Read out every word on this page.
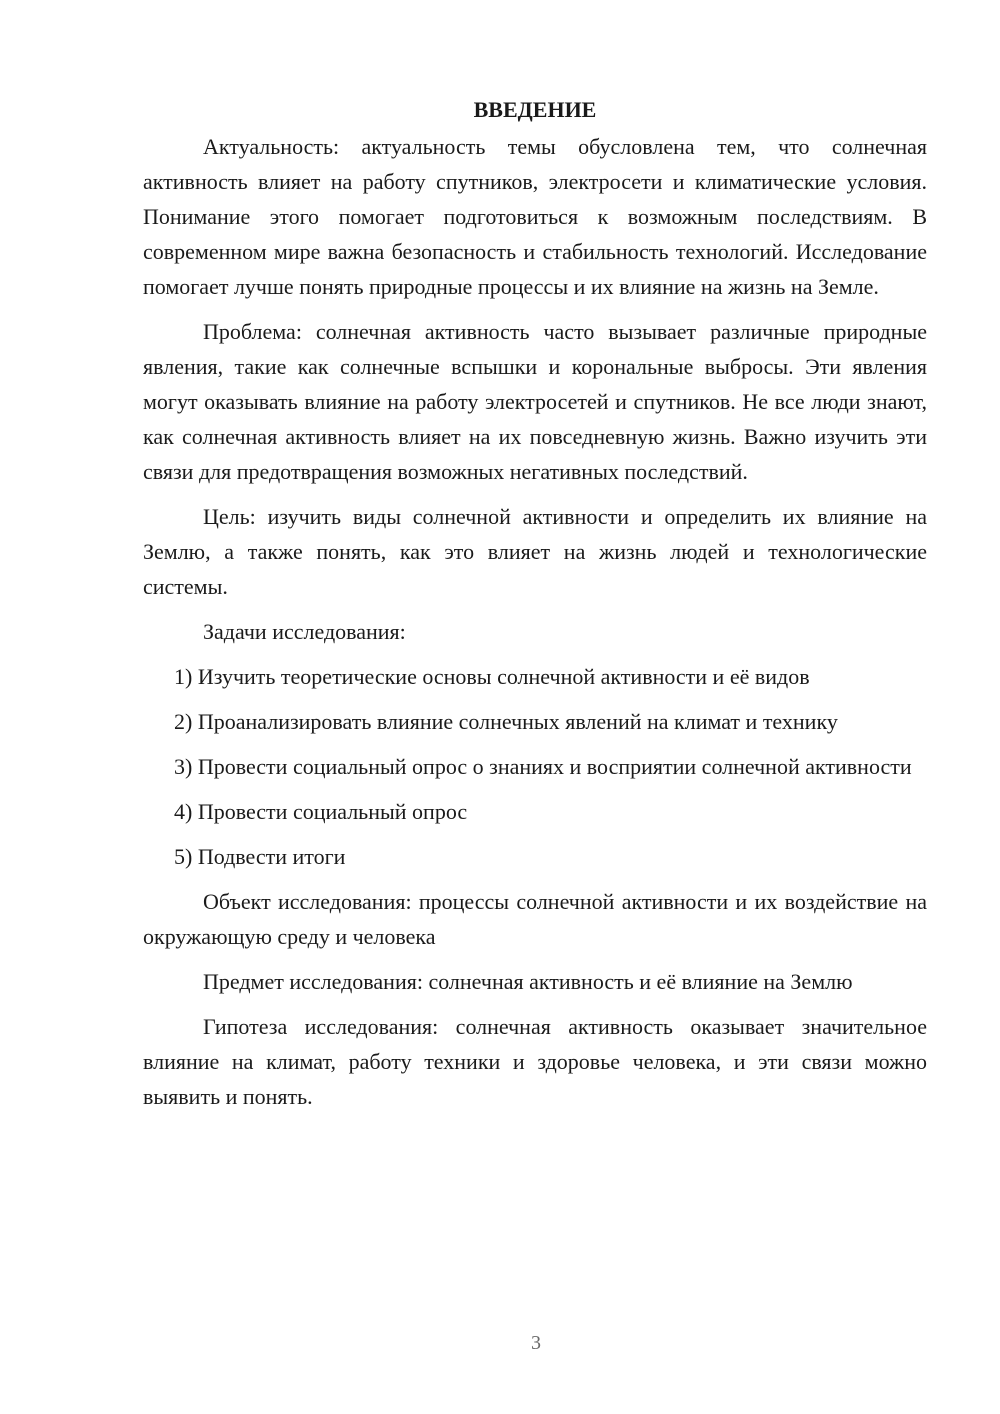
ВВЕДЕНИЕ

Актуальность: актуальность темы обусловлена тем, что солнечная активность влияет на работу спутников, электросети и климатические условия. Понимание этого помогает подготовиться к возможным последствиям. В современном мире важна безопасность и стабильность технологий. Исследование помогает лучше понять природные процессы и их влияние на жизнь на Земле.

Проблема: солнечная активность часто вызывает различные природные явления, такие как солнечные вспышки и корональные выбросы. Эти явления могут оказывать влияние на работу электросетей и спутников. Не все люди знают, как солнечная активность влияет на их повседневную жизнь. Важно изучить эти связи для предотвращения возможных негативных последствий.

Цель: изучить виды солнечной активности и определить их влияние на Землю, а также понять, как это влияет на жизнь людей и технологические системы.

Задачи исследования:

1) Изучить теоретические основы солнечной активности и её видов

2) Проанализировать влияние солнечных явлений на климат и технику

3) Провести социальный опрос о знаниях и восприятии солнечной активности

4) Провести социальный опрос

5) Подвести итоги

Объект исследования: процессы солнечной активности и их воздействие на окружающую среду и человека

Предмет исследования: солнечная активность и её влияние на Землю

Гипотеза исследования: солнечная активность оказывает значительное влияние на климат, работу техники и здоровье человека, и эти связи можно выявить и понять.

3
